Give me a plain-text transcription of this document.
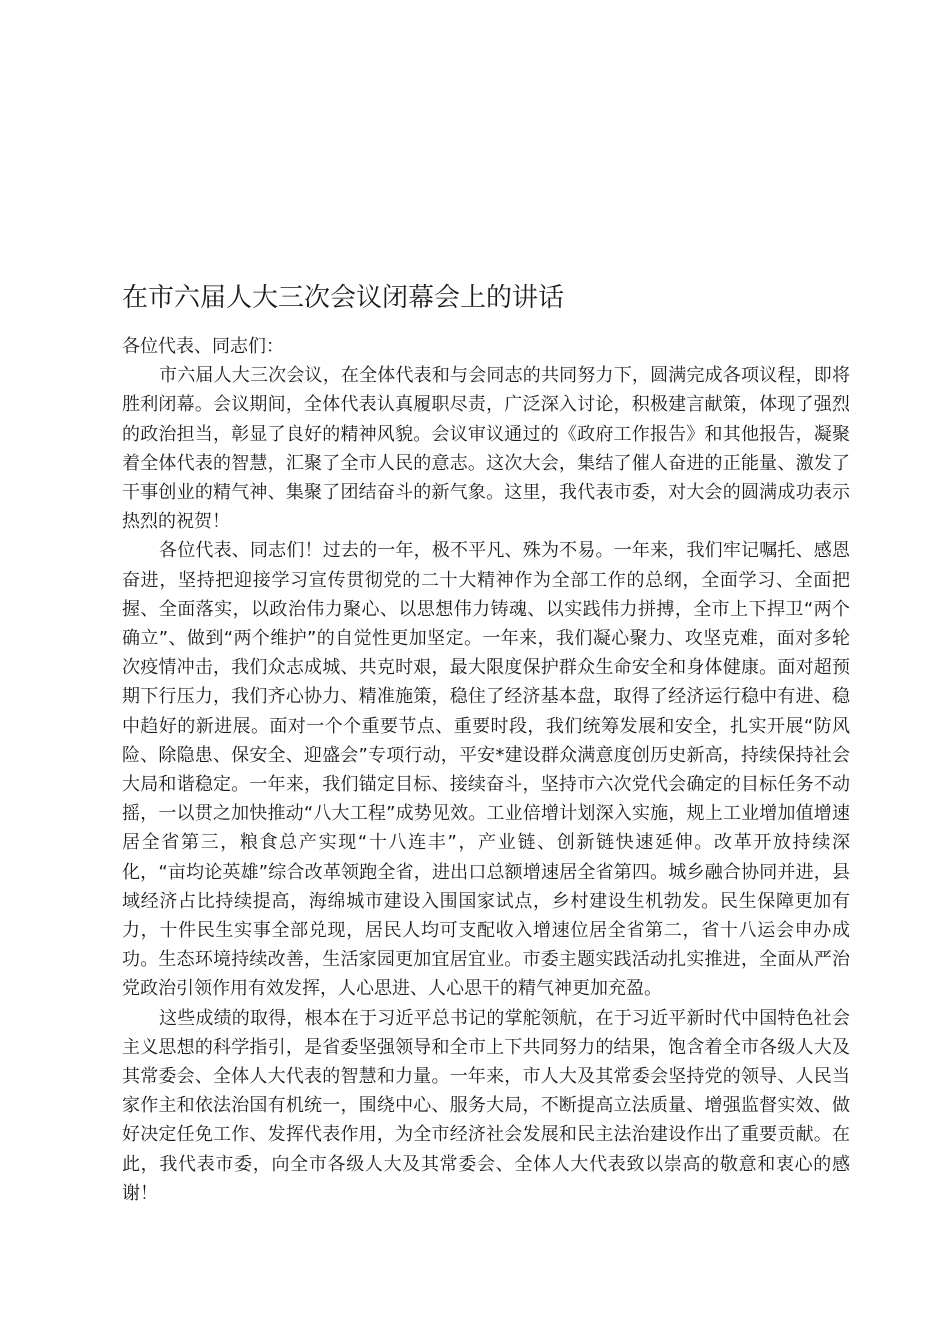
在市六届人大三次会议闭幕会上的讲话

各位代表、同志们：

市六届人大三次会议，在全体代表和与会同志的共同努力下，圆满完成各项议程，即将胜利闭幕。会议期间，全体代表认真履职尽责，广泛深入讨论，积极建言献策，体现了强烈的政治担当，彰显了良好的精神风貌。会议审议通过的《政府工作报告》和其他报告，凝聚着全体代表的智慧，汇聚了全市人民的意志。这次大会，集结了催人奋进的正能量、激发了干事创业的精气神、集聚了团结奋斗的新气象。这里，我代表市委，对大会的圆满成功表示热烈的祝贺！

各位代表、同志们！过去的一年，极不平凡、殊为不易。一年来，我们牢记嘱托、感恩奋进，坚持把迎接学习宣传贯彻党的二十大精神作为全部工作的总纲，全面学习、全面把握、全面落实，以政治伟力聚心、以思想伟力铸魂、以实践伟力拼搏，全市上下捍卫“两个确立”、做到“两个维护”的自觉性更加坚定。一年来，我们凝心聚力、攻坚克难，面对多轮次疫情冲击，我们众志成城、共克时艰，最大限度保护群众生命安全和身体健康。面对超预期下行压力，我们齐心协力、精准施策，稳住了经济基本盘，取得了经济运行稳中有进、稳中趋好的新进展。面对一个个重要节点、重要时段，我们统筹发展和安全，扎实开展“防风险、除隐患、保安全、迎盛会”专项行动，平安*建设群众满意度创历史新高，持续保持社会大局和谐稳定。一年来，我们锚定目标、接续奋斗，坚持市六次党代会确定的目标任务不动摇，一以贯之加快推动“八大工程”成势见效。工业倍增计划深入实施，规上工业增加值增速居全省第三，粮食总产实现“十八连丰”，产业链、创新链快速延伸。改革开放持续深化，“亩均论英雄”综合改革领跑全省，进出口总额增速居全省第四。城乡融合协同并进，县域经济占比持续提高，海绵城市建设入围国家试点，乡村建设生机勃发。民生保障更加有力，十件民生实事全部兑现，居民人均可支配收入增速位居全省第二，省十八运会申办成功。生态环境持续改善，生活家园更加宜居宜业。市委主题实践活动扎实推进，全面从严治党政治引领作用有效发挥，人心思进、人心思干的精气神更加充盈。

这些成绩的取得，根本在于习近平总书记的掌舵领航，在于习近平新时代中国特色社会主义思想的科学指引，是省委坚强领导和全市上下共同努力的结果，饱含着全市各级人大及其常委会、全体人大代表的智慧和力量。一年来，市人大及其常委会坚持党的领导、人民当家作主和依法治国有机统一，围绕中心、服务大局，不断提高立法质量、增强监督实效、做好决定任免工作、发挥代表作用，为全市经济社会发展和民主法治建设作出了重要贡献。在此，我代表市委，向全市各级人大及其常委会、全体人大代表致以崇高的敬意和衷心的感谢！
